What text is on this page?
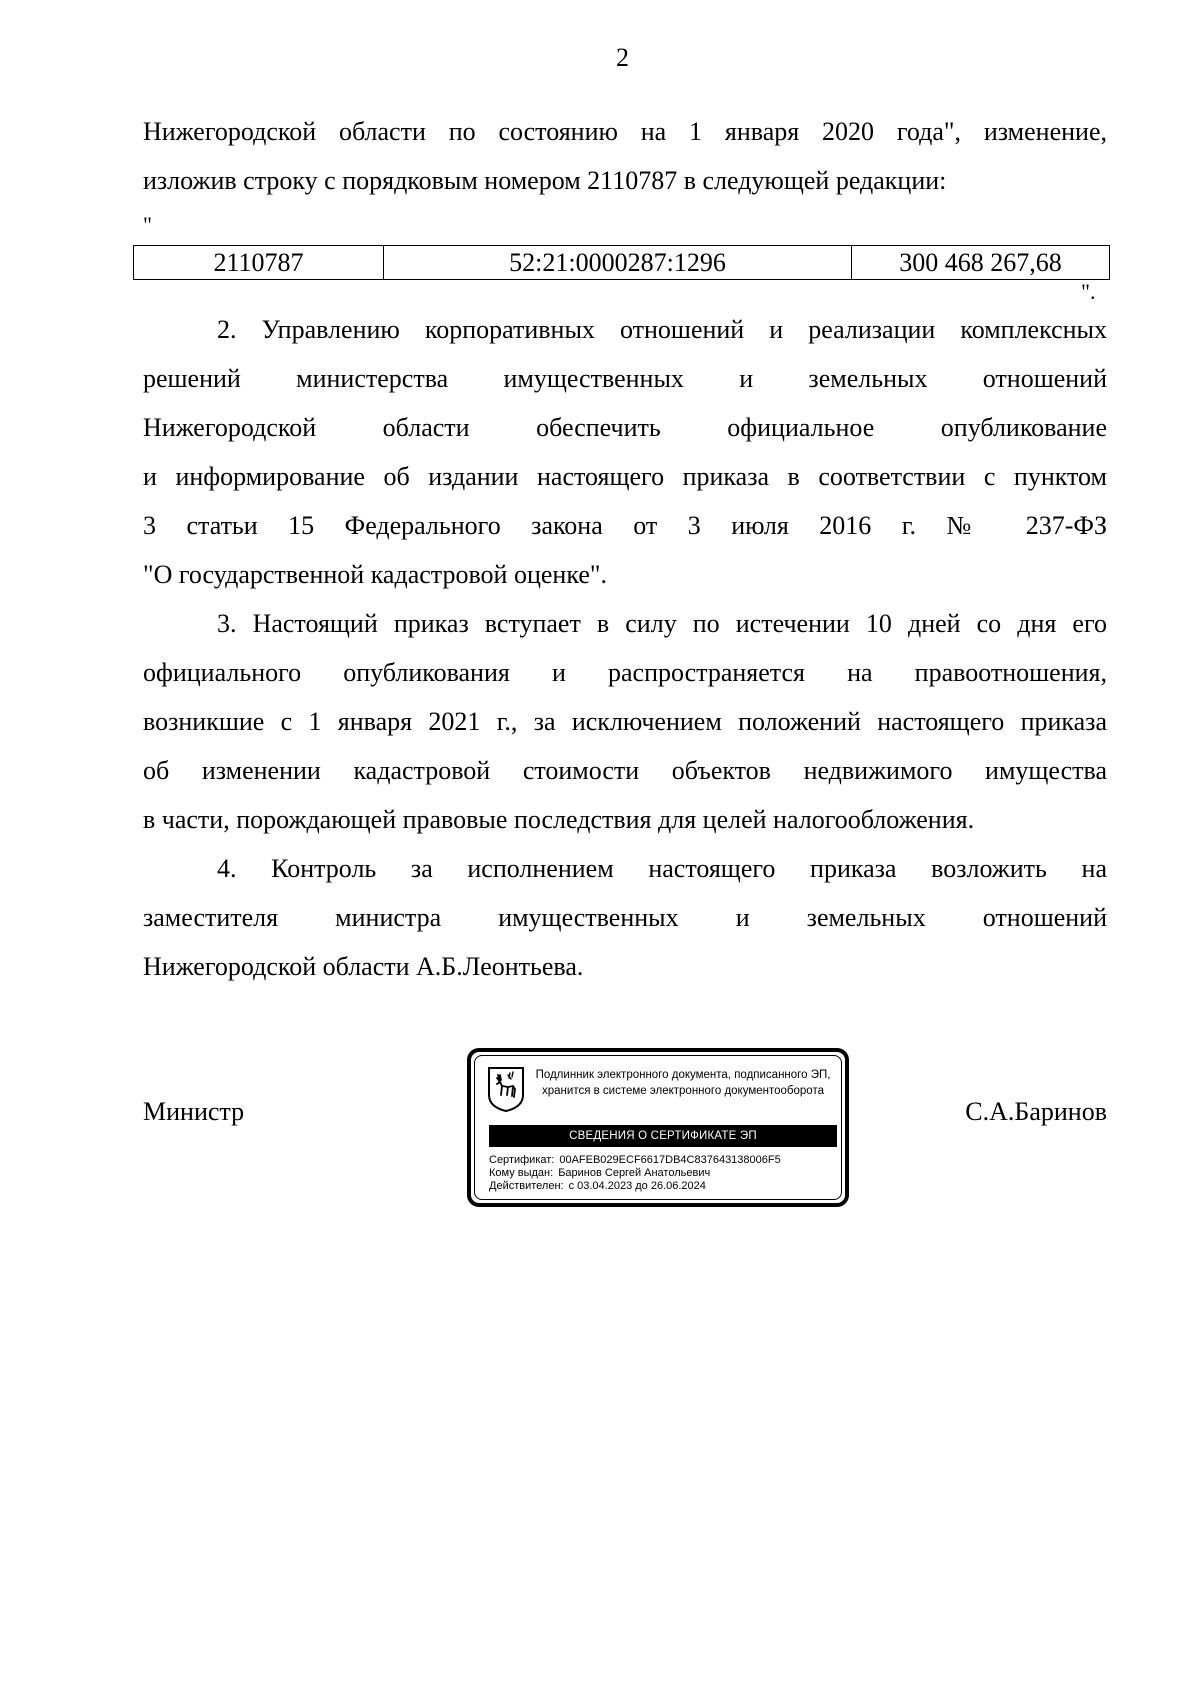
2
Нижегородской области по состоянию на 1 января 2020 года", изменение,
изложив строку с порядковым номером 2110787 в следующей редакции:
"
2110787	52:21:0000287:1296	300 468 267,68
".
2. Управлению корпоративных отношений и реализации комплексных
решений министерства имущественных и земельных отношений
Нижегородской области обеспечить официальное опубликование
и информирование об издании настоящего приказа в соответствии с пунктом
3 статьи 15 Федерального закона от 3 июля 2016 г. № 237-ФЗ
"О государственной кадастровой оценке".
3. Настоящий приказ вступает в силу по истечении 10 дней со дня его
официального опубликования и распространяется на правоотношения,
возникшие с 1 января 2021 г., за исключением положений настоящего приказа
об изменении кадастровой стоимости объектов недвижимого имущества
в части, порождающей правовые последствия для целей налогообложения.
4. Контроль за исполнением настоящего приказа возложить на
заместителя министра имущественных и земельных отношений
Нижегородской области А.Б.Леонтьева.
Министр	С.А.Баринов
Подлинник электронного документа, подписанного ЭП,
хранится в системе электронного документооборота
СВЕДЕНИЯ О СЕРТИФИКАТЕ ЭП
Сертификат: 00AFEB029ECF6617DB4C837643138006F5
Кому выдан: Баринов Сергей Анатольевич
Действителен: с 03.04.2023 до 26.06.2024
